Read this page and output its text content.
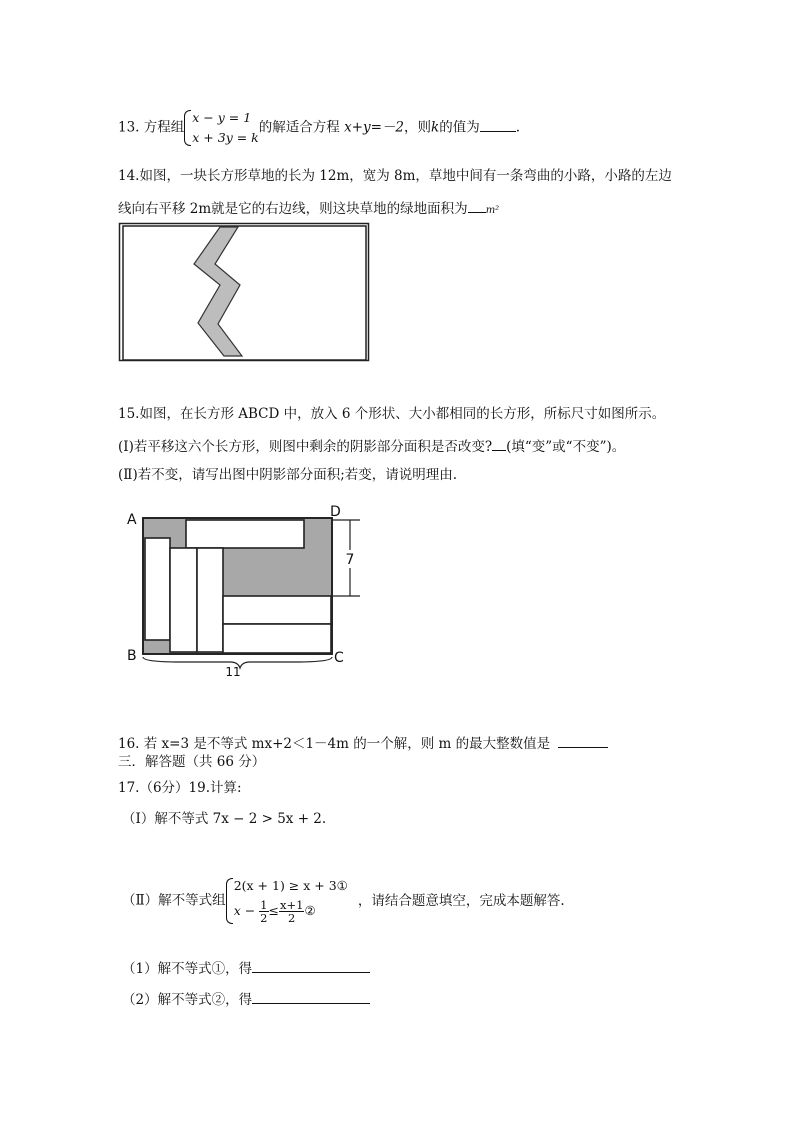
13. 方程组
x − y = 1
x + 3y = k
的解适合方程 x+y=－2，则k的值为	.
14.如图，一块长方形草地的长为 12m，宽为 8m，草地中间有一条弯曲的小路，小路的左边
线向右平移 2m就是它的右边线，则这块草地的绿地面积为 m²
15.如图，在长方形 ABCD 中，放入 6 个形状、大小都相同的长方形，所标尺寸如图所示。
(Ⅰ)若平移这六个长方形，则图中剩余的阴影部分面积是否改变? (填“变”或“不变”)。
(Ⅱ)若不变，请写出图中阴影部分面积;若变，请说明理由.
7
11
A
B	C
D
16. 若 x=3 是不等式 mx+2＜1－4m 的一个解，则 m 的最大整数值是
三．解答题（共 66 分）
17.（6分）19.计算:
（Ⅰ）解不等式 7x − 2 > 5x + 2.
（Ⅱ）解不等式组
2(x + 1) ≥ x + 3①
$x - \frac{1}{2} \le \frac{x+1}{2}$ ②
，请结合题意填空，完成本题解答.
（1）解不等式①，得
（2）解不等式②，得
